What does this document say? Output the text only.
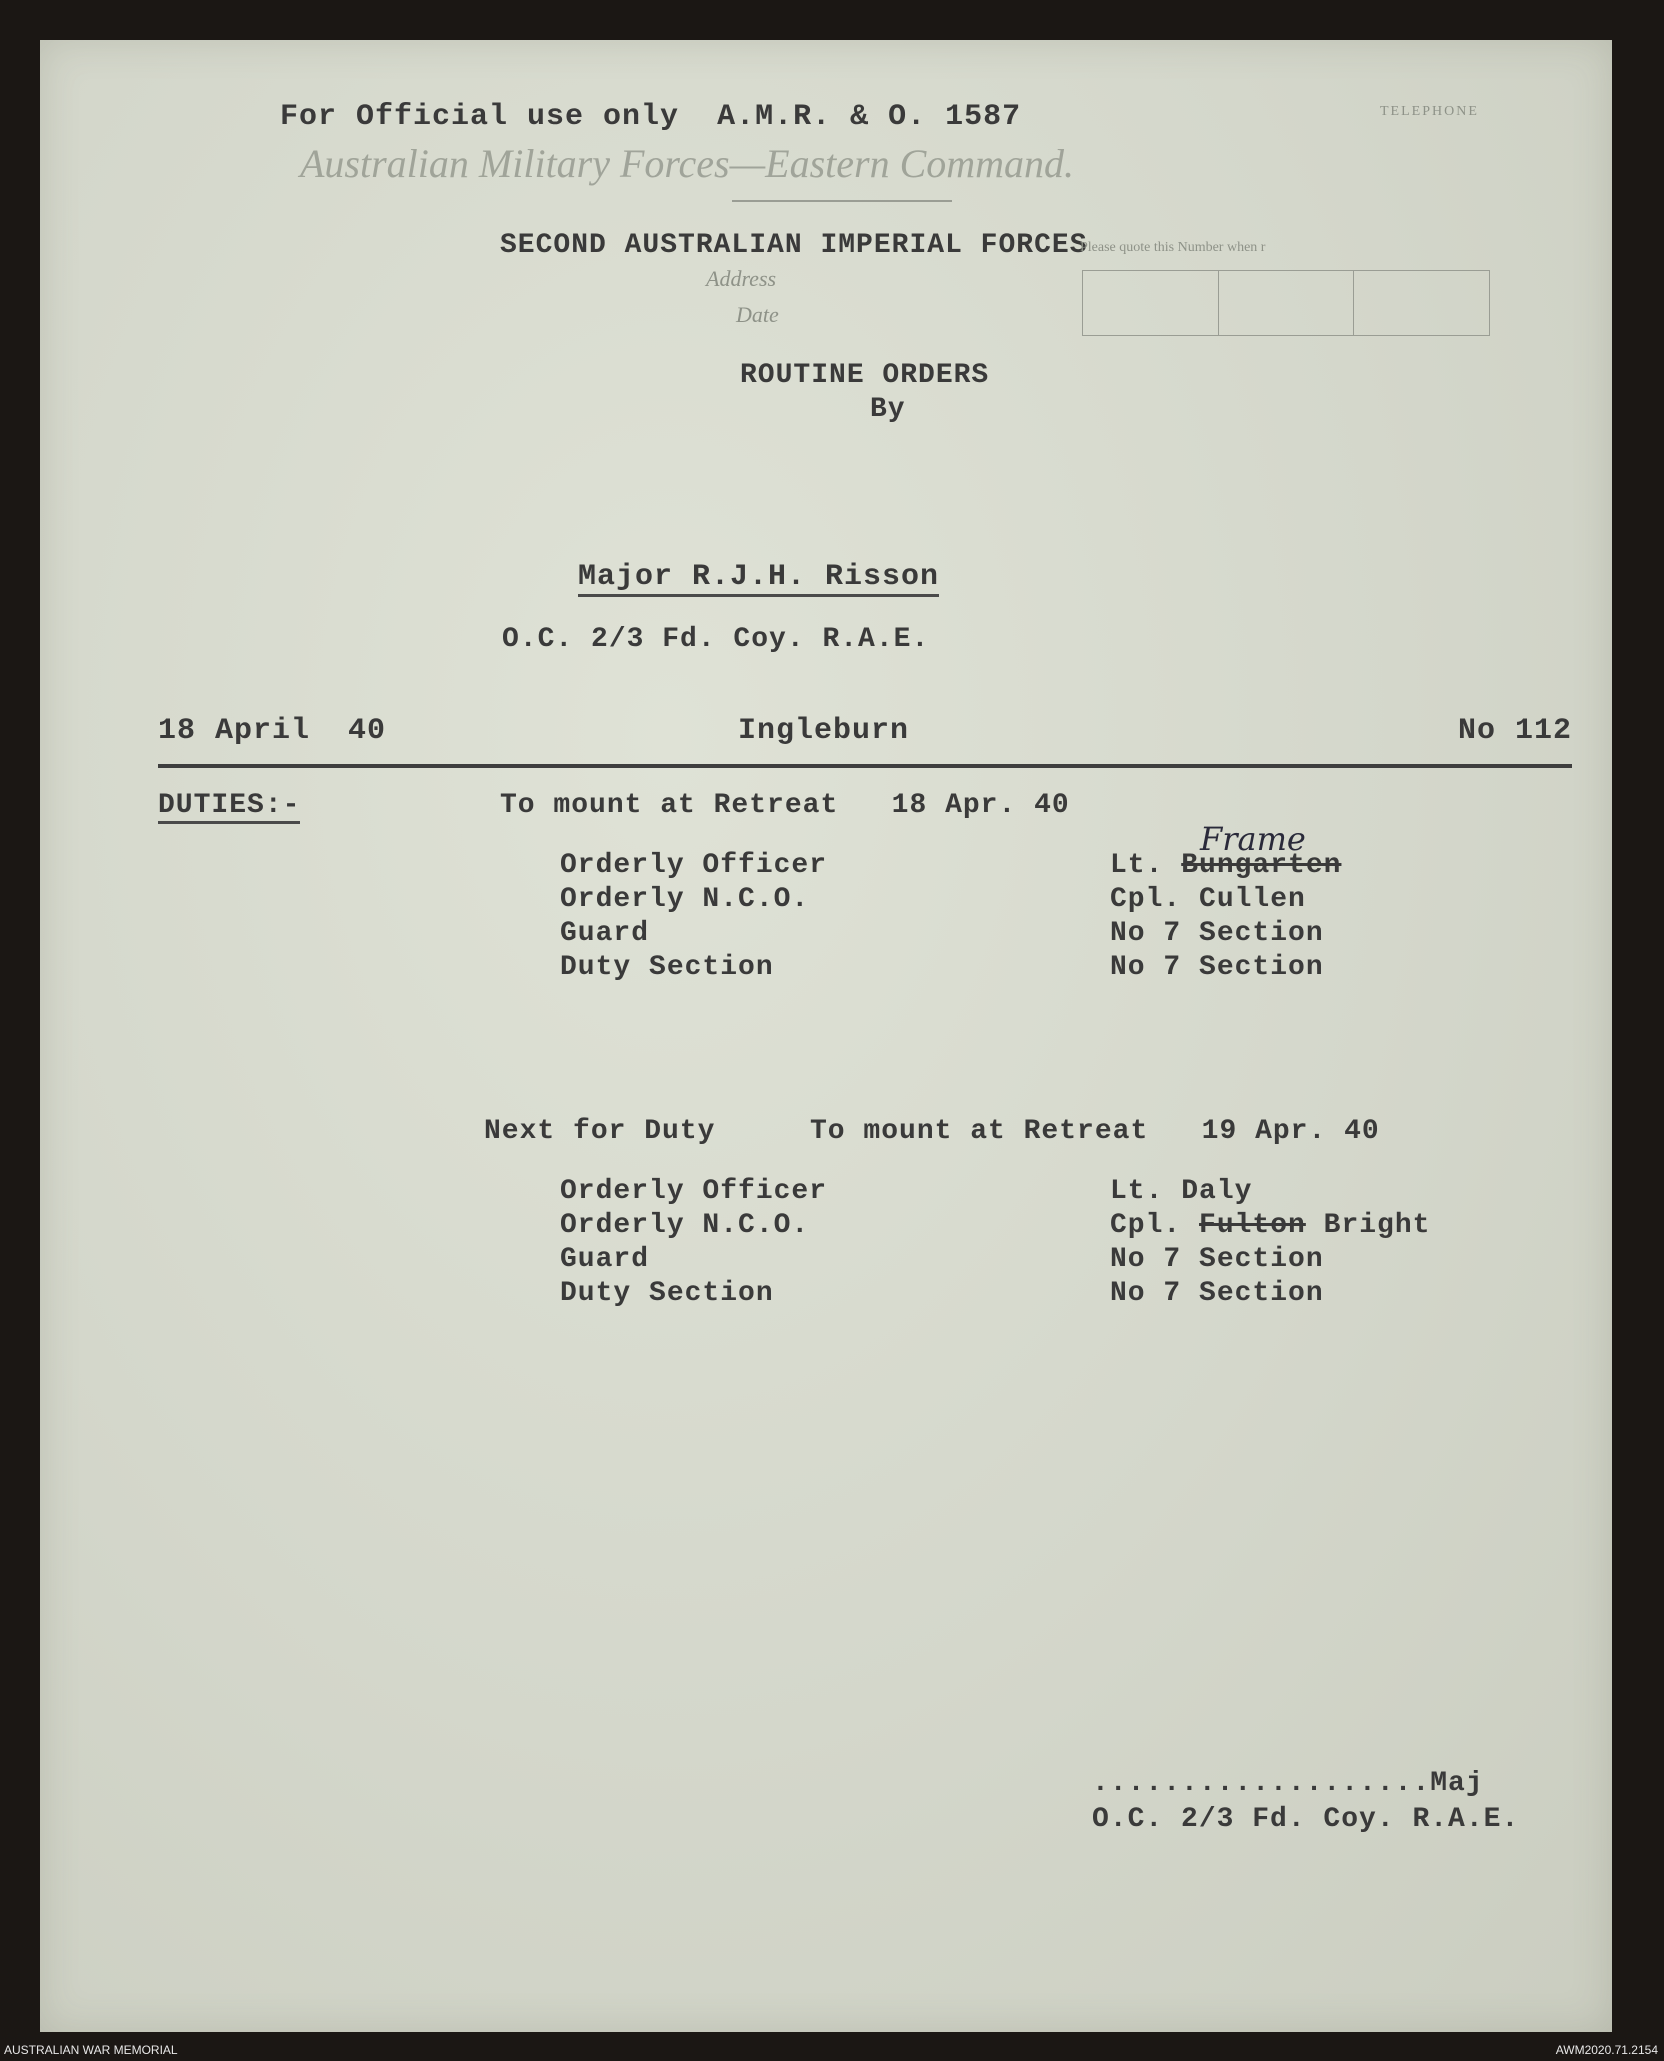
For Official use only  A.M.R. & O. 1587	TELEPHONE
Australian Military Forces—Eastern Command.
SECOND AUSTRALIAN IMPERIAL FORCES
Please quote this Number when r
Address
Date
ROUTINE ORDERS
By
Major R.J.H. Risson
O.C. 2/3 Fd. Coy. R.A.E.
18 April  40	Ingleburn	No 112
DUTIES:-	To mount at Retreat   18 Apr. 40
Orderly Officer	Lt. Bungarten
Frame
Orderly N.C.O.	Cpl. Cullen
Guard	No 7 Section
Duty Section	No 7 Section
Next for Duty	To mount at Retreat   19 Apr. 40
Orderly Officer	Lt. Daly
Orderly N.C.O.	Cpl. Fulton Bright
Guard	No 7 Section
Duty Section	No 7 Section
...................Maj
O.C. 2/3 Fd. Coy. R.A.E.
AUSTRALIAN WAR MEMORIAL	AWM2020.71.2154
